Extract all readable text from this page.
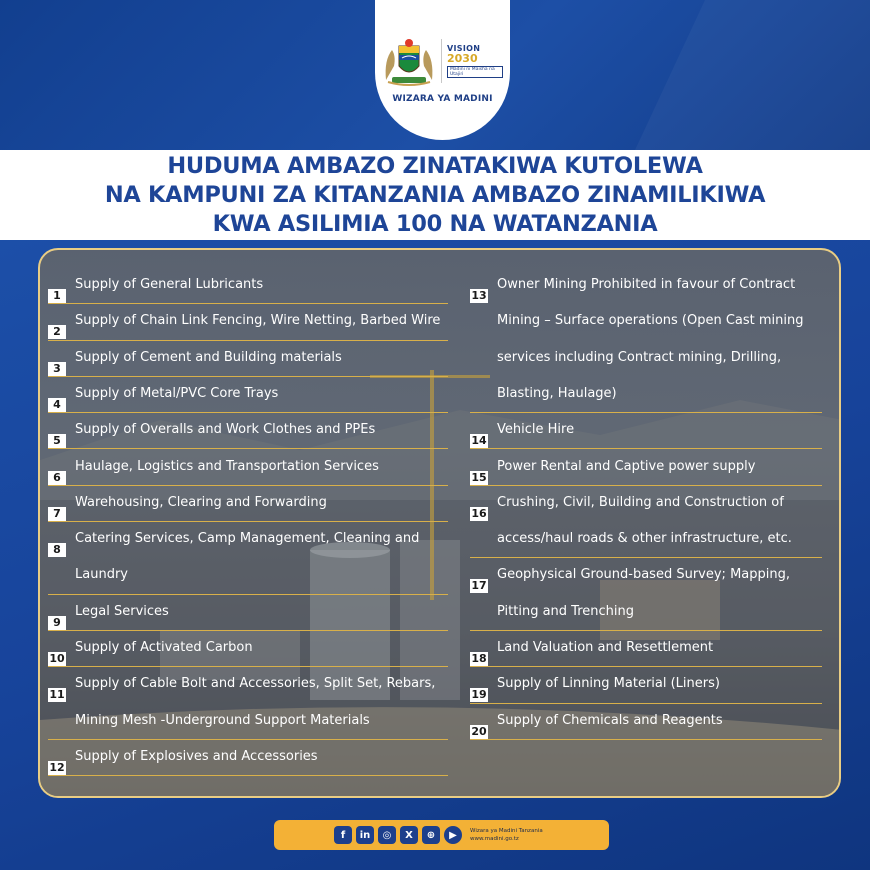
VISION
2030
Madini ni Maisha na Utajiri
WIZARA YA MADINI
HUDUMA AMBAZO ZINATAKIWA KUTOLEWA
NA KAMPUNI ZA KITANZANIA AMBAZO ZINAMILIKIWA
KWA ASILIMIA 100 NA WATANZANIA
1
Supply of General Lubricants
2
Supply of Chain Link Fencing, Wire Netting, Barbed Wire
3
Supply of Cement and Building materials
4
Supply of Metal/PVC Core Trays
5
Supply of Overalls and Work Clothes and PPEs
6
Haulage, Logistics and Transportation Services
7
Warehousing, Clearing and Forwarding
8
Catering Services, Camp Management, Cleaning and
Laundry
9
Legal Services
10
Supply of Activated Carbon
11
Supply of Cable Bolt and Accessories, Split Set, Rebars,
Mining Mesh -Underground Support Materials
12
Supply of Explosives and Accessories
13
Owner Mining Prohibited in favour of Contract
Mining – Surface operations (Open Cast mining
services including Contract mining, Drilling,
Blasting, Haulage)
14
Vehicle Hire
15
Power Rental and Captive power supply
16
Crushing, Civil, Building and Construction of
access/haul roads & other infrastructure, etc.
17
Geophysical Ground-based Survey; Mapping,
Pitting and Trenching
18
Land Valuation and Resettlement
19
Supply of Linning Material (Liners)
20
Supply of Chemicals and Reagents
f	in	◎	X	⊕	▶	Wizara ya Madini Tanzania
www.madini.go.tz
